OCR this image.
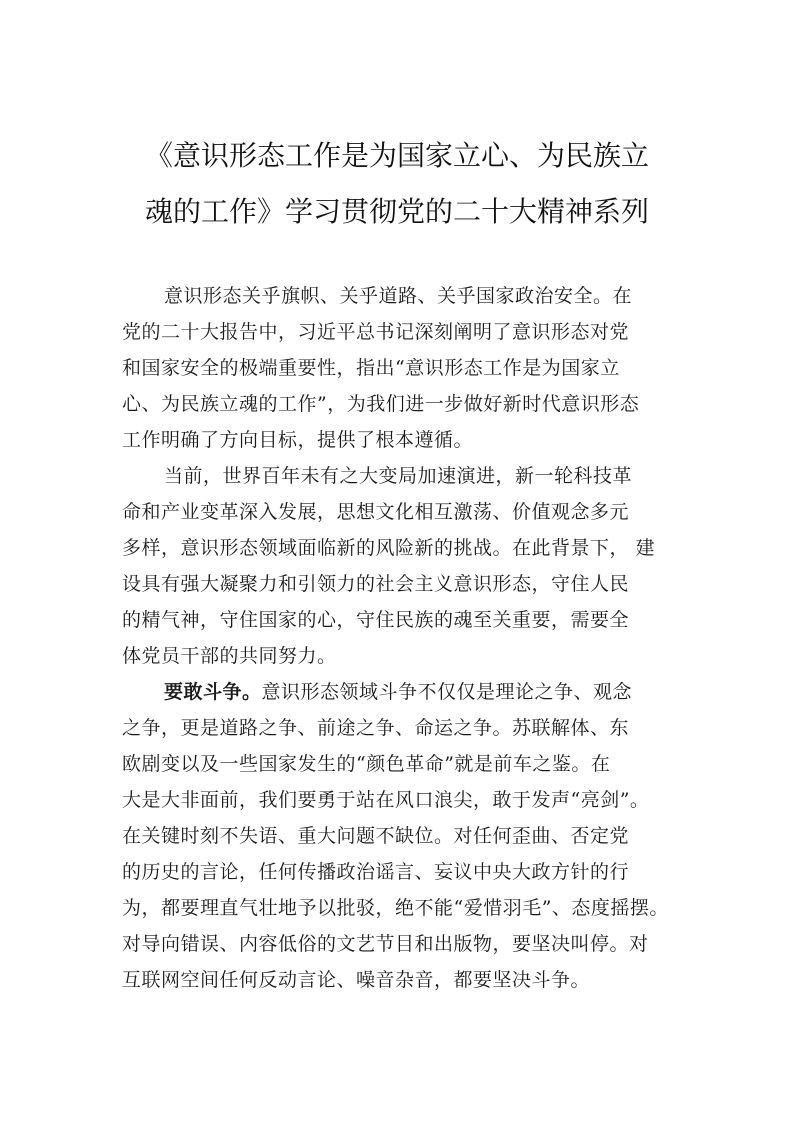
《意识形态工作是为国家立心、为民族立
魂的工作》学习贯彻党的二十大精神系列
意识形态关乎旗帜、关乎道路、关乎国家政治安全。在
党的二十大报告中，习近平总书记深刻阐明了意识形态对党
和国家安全的极端重要性，指出“意识形态工作是为国家立
心、为民族立魂的工作”，为我们进一步做好新时代意识形态
工作明确了方向目标，提供了根本遵循。
当前，世界百年未有之大变局加速演进，新一轮科技革
命和产业变革深入发展，思想文化相互激荡、价值观念多元
多样，意识形态领域面临新的风险新的挑战。在此背景下， 建
设具有强大凝聚力和引领力的社会主义意识形态，守住人民
的精气神，守住国家的心，守住民族的魂至关重要，需要全
体党员干部的共同努力。
要敢斗争。意识形态领域斗争不仅仅是理论之争、观念
之争，更是道路之争、前途之争、命运之争。苏联解体、东
欧剧变以及一些国家发生的“颜色革命”就是前车之鉴。在
大是大非面前，我们要勇于站在风口浪尖，敢于发声“亮剑”。
在关键时刻不失语、重大问题不缺位。对任何歪曲、否定党
的历史的言论，任何传播政治谣言、妄议中央大政方针的行
为，都要理直气壮地予以批驳，绝不能“爱惜羽毛”、态度摇摆。
对导向错误、内容低俗的文艺节目和出版物，要坚决叫停。对
互联网空间任何反动言论、噪音杂音，都要坚决斗争。
